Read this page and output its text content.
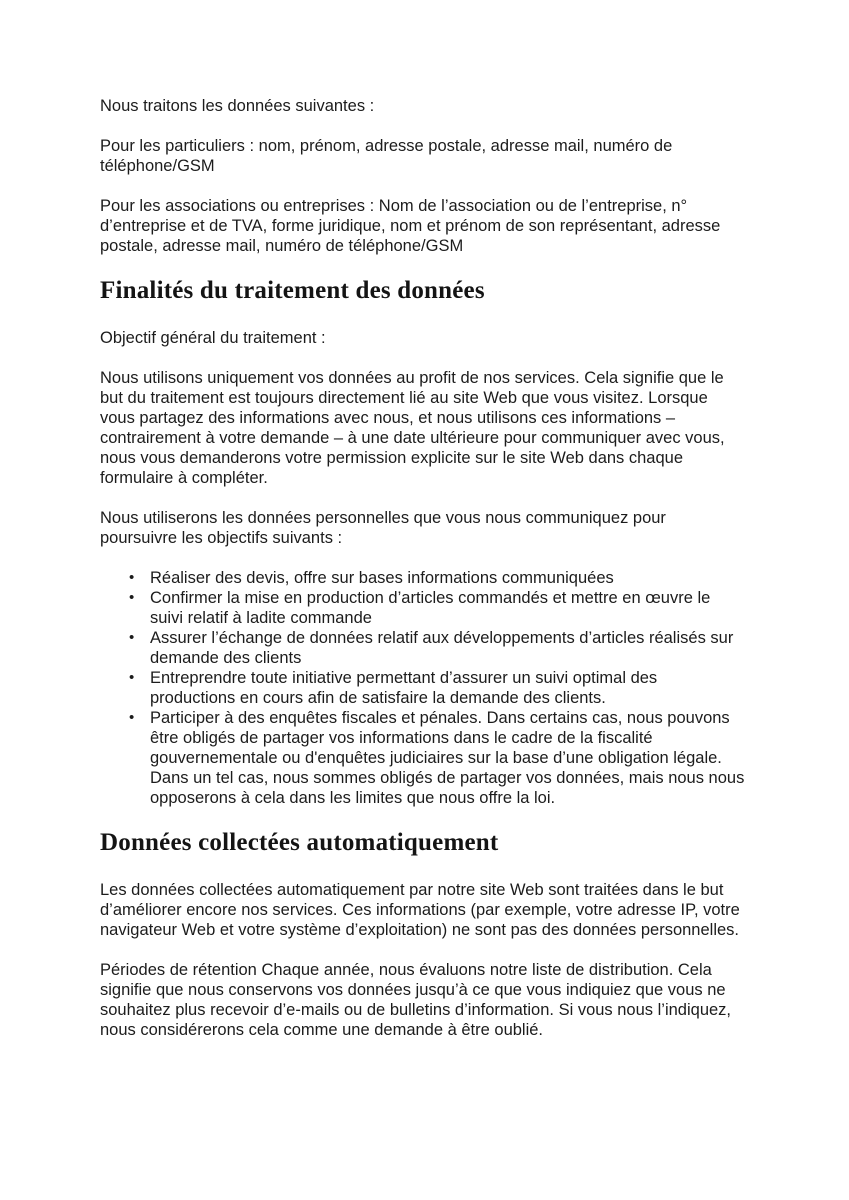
Nous traitons les données suivantes :

Pour les particuliers : nom, prénom, adresse postale, adresse mail, numéro de téléphone/GSM

Pour les associations ou entreprises : Nom de l’association ou de l’entreprise, n° d’entreprise et de TVA, forme juridique, nom et prénom de son représentant, adresse postale, adresse mail, numéro de téléphone/GSM

Finalités du traitement des données

Objectif général du traitement :

Nous utilisons uniquement vos données au profit de nos services. Cela signifie que le but du traitement est toujours directement lié au site Web que vous visitez. Lorsque vous partagez des informations avec nous, et nous utilisons ces informations – contrairement à votre demande – à une date ultérieure pour communiquer avec vous, nous vous demanderons votre permission explicite sur le site Web dans chaque formulaire à compléter.

Nous utiliserons les données personnelles que vous nous communiquez pour poursuivre les objectifs suivants :

• Réaliser des devis, offre sur bases informations communiquées
• Confirmer la mise en production d’articles commandés et mettre en œuvre le suivi relatif à ladite commande
• Assurer l’échange de données relatif aux développements d’articles réalisés sur demande des clients
• Entreprendre toute initiative permettant d’assurer un suivi optimal des productions en cours afin de satisfaire la demande des clients.
• Participer à des enquêtes fiscales et pénales. Dans certains cas, nous pouvons être obligés de partager vos informations dans le cadre de la fiscalité gouvernementale ou d'enquêtes judiciaires sur la base d’une obligation légale. Dans un tel cas, nous sommes obligés de partager vos données, mais nous nous opposerons à cela dans les limites que nous offre la loi.
Données collectées automatiquement

Les données collectées automatiquement par notre site Web sont traitées dans le but d’améliorer encore nos services. Ces informations (par exemple, votre adresse IP, votre navigateur Web et votre système d’exploitation) ne sont pas des données personnelles.

Périodes de rétention Chaque année, nous évaluons notre liste de distribution. Cela signifie que nous conservons vos données jusqu’à ce que vous indiquiez que vous ne souhaitez plus recevoir d’e-mails ou de bulletins d’information. Si vous nous l’indiquez, nous considérerons cela comme une demande à être oublié.
